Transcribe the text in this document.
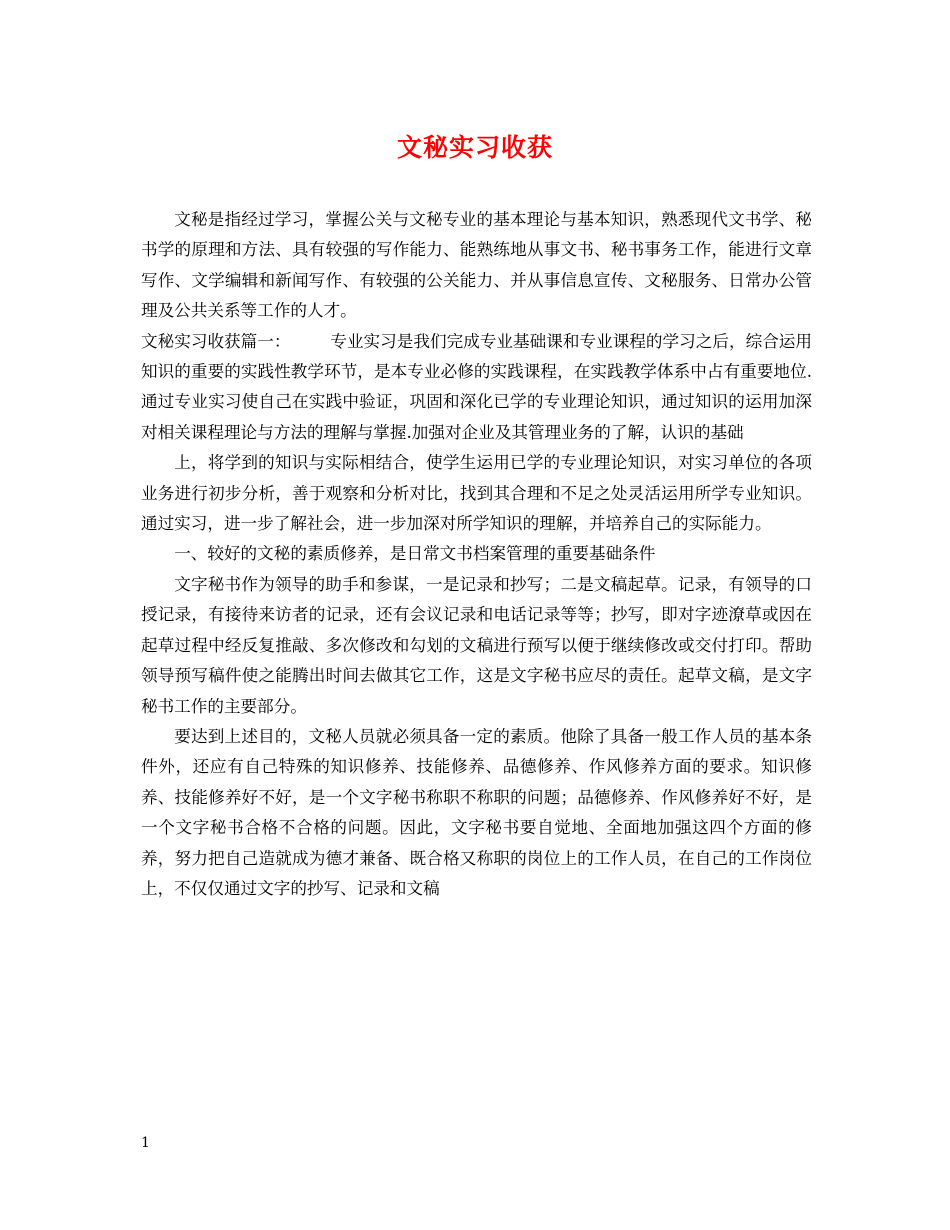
文秘实习收获

文秘是指经过学习，掌握公关与文秘专业的基本理论与基本知识，熟悉现代文书学、秘书学的原理和方法、具有较强的写作能力、能熟练地从事文书、秘书事务工作，能进行文章写作、文学编辑和新闻写作、有较强的公关能力、并从事信息宣传、文秘服务、日常办公管理及公共关系等工作的人才。

文秘实习收获篇一： 专业实习是我们完成专业基础课和专业课程的学习之后，综合运用知识的重要的实践性教学环节，是本专业必修的实践课程，在实践教学体系中占有重要地位.通过专业实习使自己在实践中验证，巩固和深化已学的专业理论知识，通过知识的运用加深对相关课程理论与方法的理解与掌握.加强对企业及其管理业务的了解，认识的基础

上，将学到的知识与实际相结合，使学生运用已学的专业理论知识，对实习单位的各项业务进行初步分析，善于观察和分析对比，找到其合理和不足之处灵活运用所学专业知识。通过实习，进一步了解社会，进一步加深对所学知识的理解，并培养自己的实际能力。

一、较好的文秘的素质修养，是日常文书档案管理的重要基础条件

文字秘书作为领导的助手和参谋，一是记录和抄写；二是文稿起草。记录，有领导的口授记录，有接待来访者的记录，还有会议记录和电话记录等等；抄写，即对字迹潦草或因在起草过程中经反复推敲、多次修改和勾划的文稿进行预写以便于继续修改或交付打印。帮助领导预写稿件使之能腾出时间去做其它工作，这是文字秘书应尽的责任。起草文稿，是文字秘书工作的主要部分。

要达到上述目的，文秘人员就必须具备一定的素质。他除了具备一般工作人员的基本条件外，还应有自己特殊的知识修养、技能修养、品德修养、作风修养方面的要求。知识修养、技能修养好不好，是一个文字秘书称职不称职的问题；品德修养、作风修养好不好，是一个文字秘书合格不合格的问题。因此，文字秘书要自觉地、全面地加强这四个方面的修养，努力把自己造就成为德才兼备、既合格又称职的岗位上的工作人员，在自己的工作岗位上，不仅仅通过文字的抄写、记录和文稿

1
